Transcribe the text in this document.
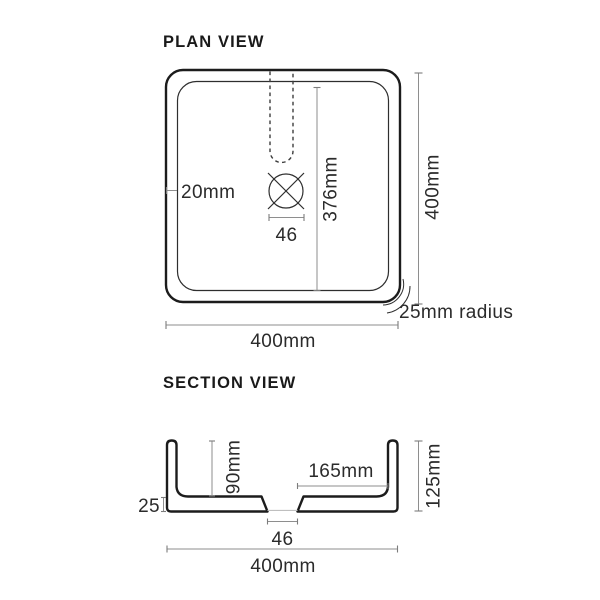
PLAN VIEW
20mm	376mm
46
400mm
400mm
25mm radius
SECTION VIEW
90mm
25
165mm	125mm
46
400mm
